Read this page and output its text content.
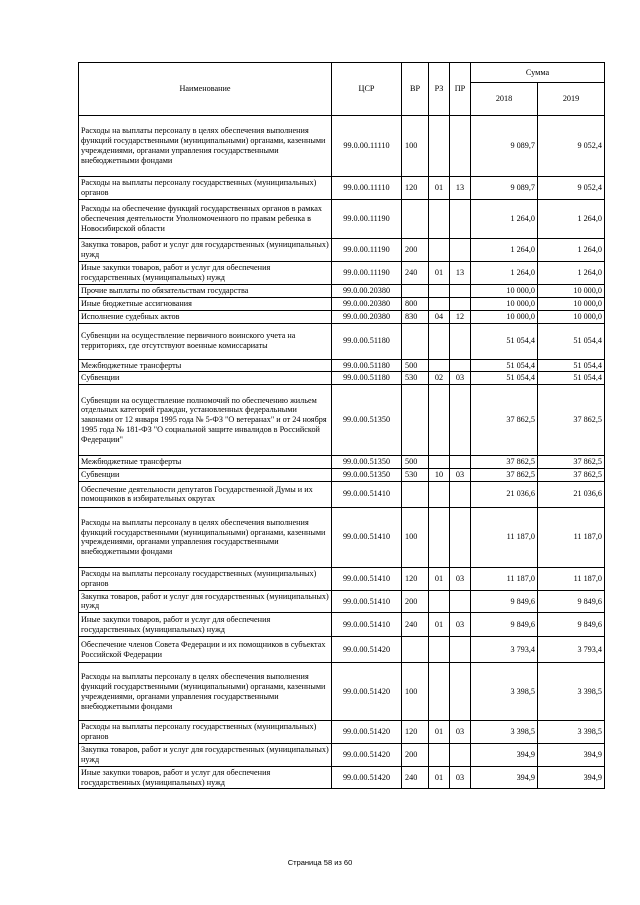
Наименование	ЦСР	ВР	РЗ	ПР	Сумма	
					2018	2019
Расходы на выплаты персоналу в целях обеспечения выполнения функций государственными (муниципальными) органами, казенными учреждениями, органами управления государственными внебюджетными фондами	99.0.00.11110	100			9 089,7	9 052,4
Расходы на выплаты персоналу государственных (муниципальных) органов	99.0.00.11110	120	01	13	9 089,7	9 052,4
Расходы на обеспечение функций государственных органов в рамках обеспечения деятельности Уполномоченного по правам ребенка в Новосибирской области	99.0.00.11190				1 264,0	1 264,0
Закупка товаров, работ и услуг для государственных (муниципальных) нужд	99.0.00.11190	200			1 264,0	1 264,0
Иные закупки товаров, работ и услуг для обеспечения государственных (муниципальных) нужд	99.0.00.11190	240	01	13	1 264,0	1 264,0
Прочие выплаты по обязательствам государства	99.0.00.20380				10 000,0	10 000,0
Иные бюджетные ассигнования	99.0.00.20380	800			10 000,0	10 000,0
Исполнение судебных актов	99.0.00.20380	830	04	12	10 000,0	10 000,0
Субвенции на осуществление первичного воинского учета на территориях, где отсутствуют военные комиссариаты	99.0.00.51180				51 054,4	51 054,4
Межбюджетные трансферты	99.0.00.51180	500			51 054,4	51 054,4
Субвенции	99.0.00.51180	530	02	03	51 054,4	51 054,4
Субвенции на осуществление полномочий по обеспечению жильем отдельных категорий граждан, установленных федеральными законами от 12 января 1995 года № 5-ФЗ "О ветеранах" и от 24 ноября 1995 года № 181-ФЗ "О социальной защите инвалидов в Российской Федерации"	99.0.00.51350				37 862,5	37 862,5
Межбюджетные трансферты	99.0.00.51350	500			37 862,5	37 862,5
Субвенции	99.0.00.51350	530	10	03	37 862,5	37 862,5
Обеспечение деятельности депутатов Государственной Думы и их помощников в избирательных округах	99.0.00.51410				21 036,6	21 036,6
Расходы на выплаты персоналу в целях обеспечения выполнения функций государственными (муниципальными) органами, казенными учреждениями, органами управления государственными внебюджетными фондами	99.0.00.51410	100			11 187,0	11 187,0
Расходы на выплаты персоналу государственных (муниципальных) органов	99.0.00.51410	120	01	03	11 187,0	11 187,0
Закупка товаров, работ и услуг для государственных (муниципальных) нужд	99.0.00.51410	200			9 849,6	9 849,6
Иные закупки товаров, работ и услуг для обеспечения государственных (муниципальных) нужд	99.0.00.51410	240	01	03	9 849,6	9 849,6
Обеспечение членов Совета Федерации и их помощников в субъектах Российской Федерации	99.0.00.51420				3 793,4	3 793,4
Расходы на выплаты персоналу в целях обеспечения выполнения функций государственными (муниципальными) органами, казенными учреждениями, органами управления государственными внебюджетными фондами	99.0.00.51420	100			3 398,5	3 398,5
Расходы на выплаты персоналу государственных (муниципальных) органов	99.0.00.51420	120	01	03	3 398,5	3 398,5
Закупка товаров, работ и услуг для государственных (муниципальных) нужд	99.0.00.51420	200			394,9	394,9
Иные закупки товаров, работ и услуг для обеспечения государственных (муниципальных) нужд	99.0.00.51420	240	01	03	394,9	394,9
Страница 58 из 60
